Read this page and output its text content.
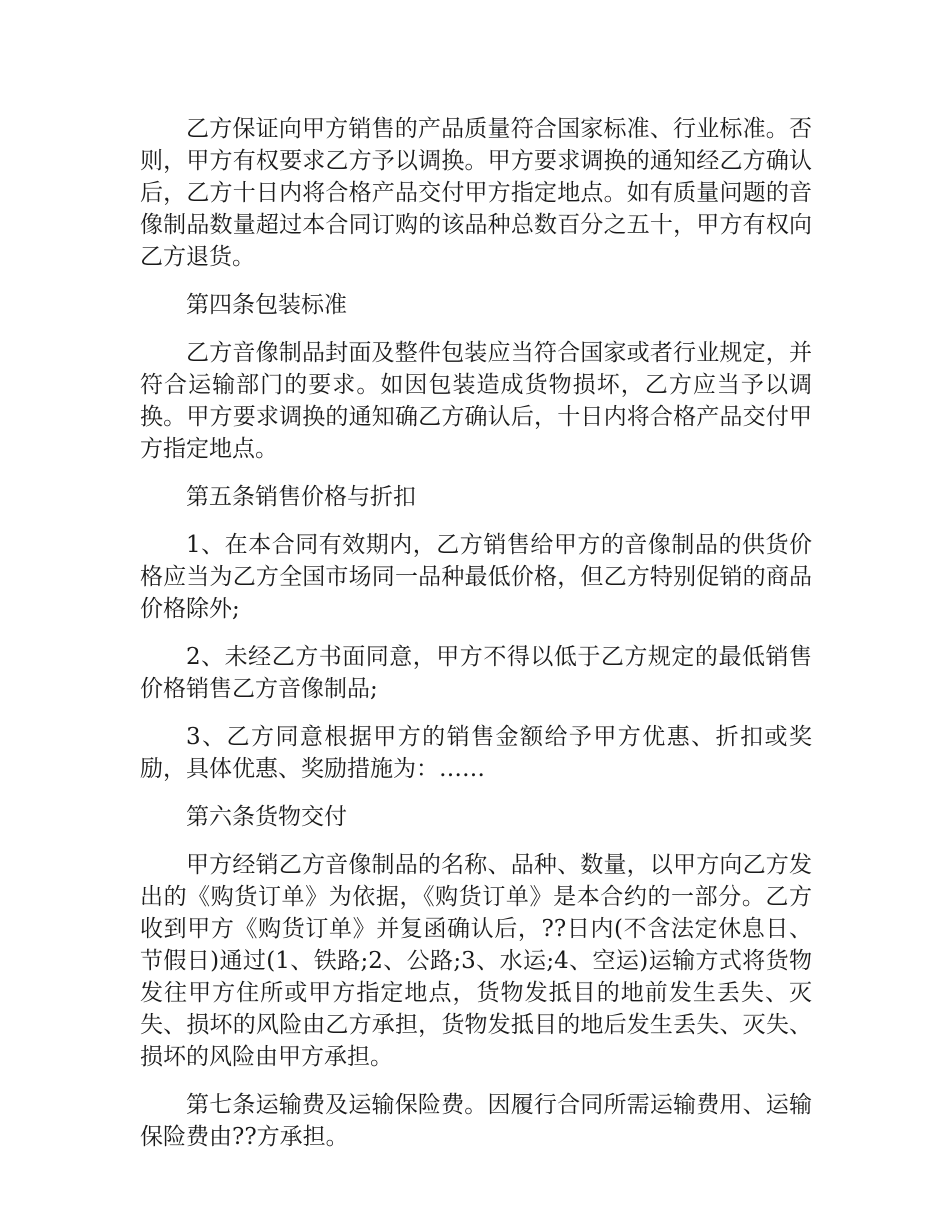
乙方保证向甲方销售的产品质量符合国家标准、行业标准。否则，甲方有权要求乙方予以调换。甲方要求调换的通知经乙方确认后，乙方十日内将合格产品交付甲方指定地点。如有质量问题的音像制品数量超过本合同订购的该品种总数百分之五十，甲方有权向乙方退货。

第四条包装标准

乙方音像制品封面及整件包装应当符合国家或者行业规定，并符合运输部门的要求。如因包装造成货物损坏，乙方应当予以调换。甲方要求调换的通知确乙方确认后，十日内将合格产品交付甲方指定地点。

第五条销售价格与折扣

1、在本合同有效期内，乙方销售给甲方的音像制品的供货价格应当为乙方全国市场同一品种最低价格，但乙方特别促销的商品价格除外;

2、未经乙方书面同意，甲方不得以低于乙方规定的最低销售价格销售乙方音像制品;

3、乙方同意根据甲方的销售金额给予甲方优惠、折扣或奖励，具体优惠、奖励措施为：……

第六条货物交付

甲方经销乙方音像制品的名称、品种、数量，以甲方向乙方发出的《购货订单》为依据，《购货订单》是本合约的一部分。乙方收到甲方《购货订单》并复函确认后，??日内(不含法定休息日、节假日)通过(1、铁路;2、公路;3、水运;4、空运)运输方式将货物发往甲方住所或甲方指定地点，货物发抵目的地前发生丢失、灭失、损坏的风险由乙方承担，货物发抵目的地后发生丢失、灭失、损坏的风险由甲方承担。

第七条运输费及运输保险费。因履行合同所需运输费用、运输保险费由??方承担。
